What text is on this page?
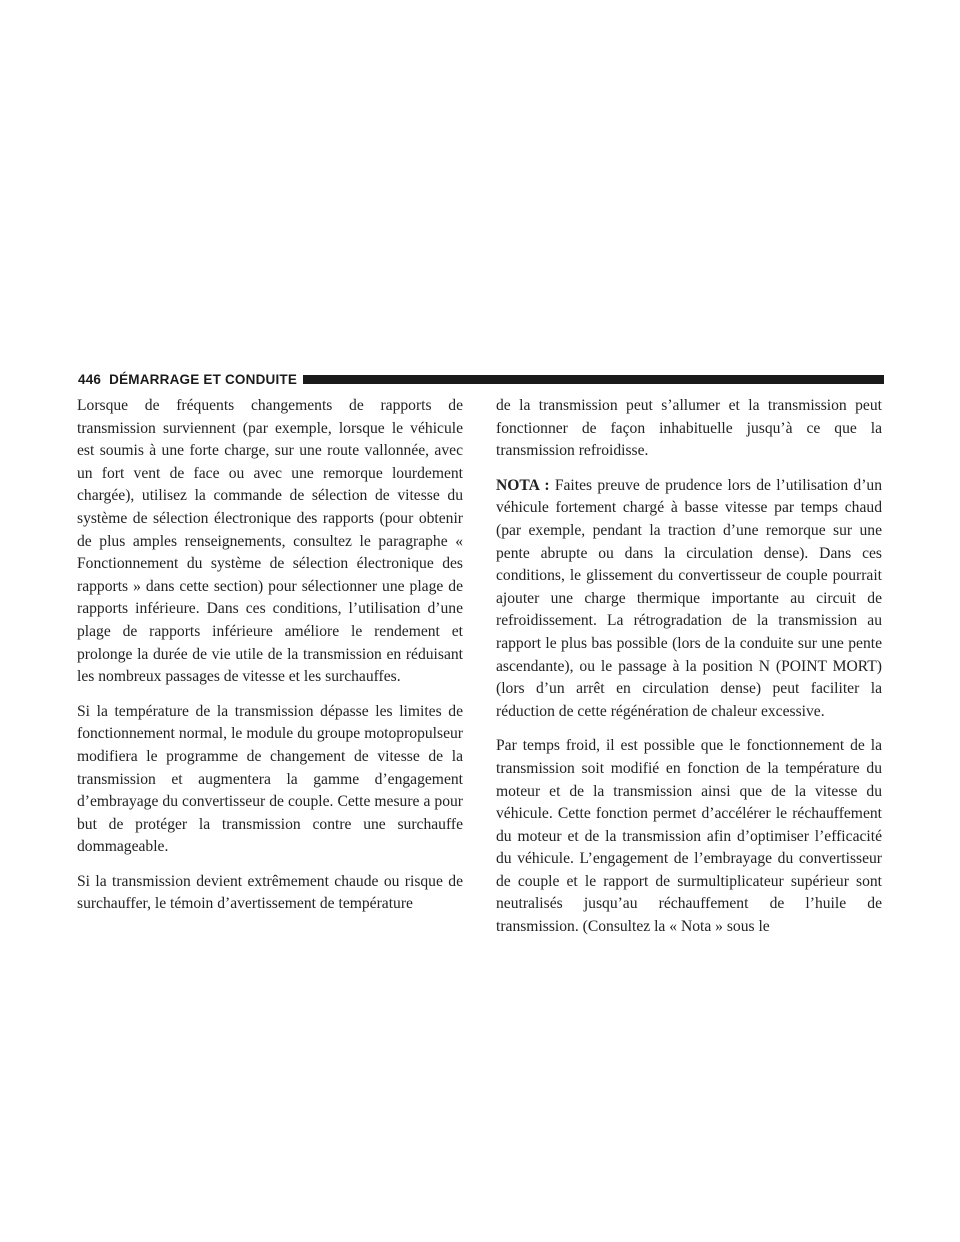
446 DÉMARRAGE ET CONDUITE

Lorsque de fréquents changements de rapports de transmission surviennent (par exemple, lorsque le véhicule est soumis à une forte charge, sur une route vallonnée, avec un fort vent de face ou avec une remorque lourdement chargée), utilisez la commande de sélection de vitesse du système de sélection électronique des rapports (pour obtenir de plus amples renseignements, consultez le paragraphe « Fonctionnement du système de sélection électronique des rapports » dans cette section) pour sélectionner une plage de rapports inférieure. Dans ces conditions, l’utilisation d’une plage de rapports inférieure améliore le rendement et prolonge la durée de vie utile de la transmission en réduisant les nombreux passages de vitesse et les surchauffes.

Si la température de la transmission dépasse les limites de fonctionnement normal, le module du groupe motopropulseur modifiera le programme de changement de vitesse de la transmission et augmentera la gamme d’engagement d’embrayage du convertisseur de couple. Cette mesure a pour but de protéger la transmission contre une surchauffe dommageable.

Si la transmission devient extrêmement chaude ou risque de surchauffer, le témoin d’avertissement de température

de la transmission peut s’allumer et la transmission peut fonctionner de façon inhabituelle jusqu’à ce que la transmission refroidisse.

NOTA : Faites preuve de prudence lors de l’utilisation d’un véhicule fortement chargé à basse vitesse par temps chaud (par exemple, pendant la traction d’une remorque sur une pente abrupte ou dans la circulation dense). Dans ces conditions, le glissement du convertisseur de couple pourrait ajouter une charge thermique importante au circuit de refroidissement. La rétrogradation de la transmission au rapport le plus bas possible (lors de la conduite sur une pente ascendante), ou le passage à la position N (POINT MORT) (lors d’un arrêt en circulation dense) peut faciliter la réduction de cette régénération de chaleur excessive.

Par temps froid, il est possible que le fonctionnement de la transmission soit modifié en fonction de la température du moteur et de la transmission ainsi que de la vitesse du véhicule. Cette fonction permet d’accélérer le réchauffement du moteur et de la transmission afin d’optimiser l’efficacité du véhicule. L’engagement de l’embrayage du convertisseur de couple et le rapport de surmultiplicateur supérieur sont neutralisés jusqu’au réchauffement de l’huile de transmission. (Consultez la « Nota » sous le
